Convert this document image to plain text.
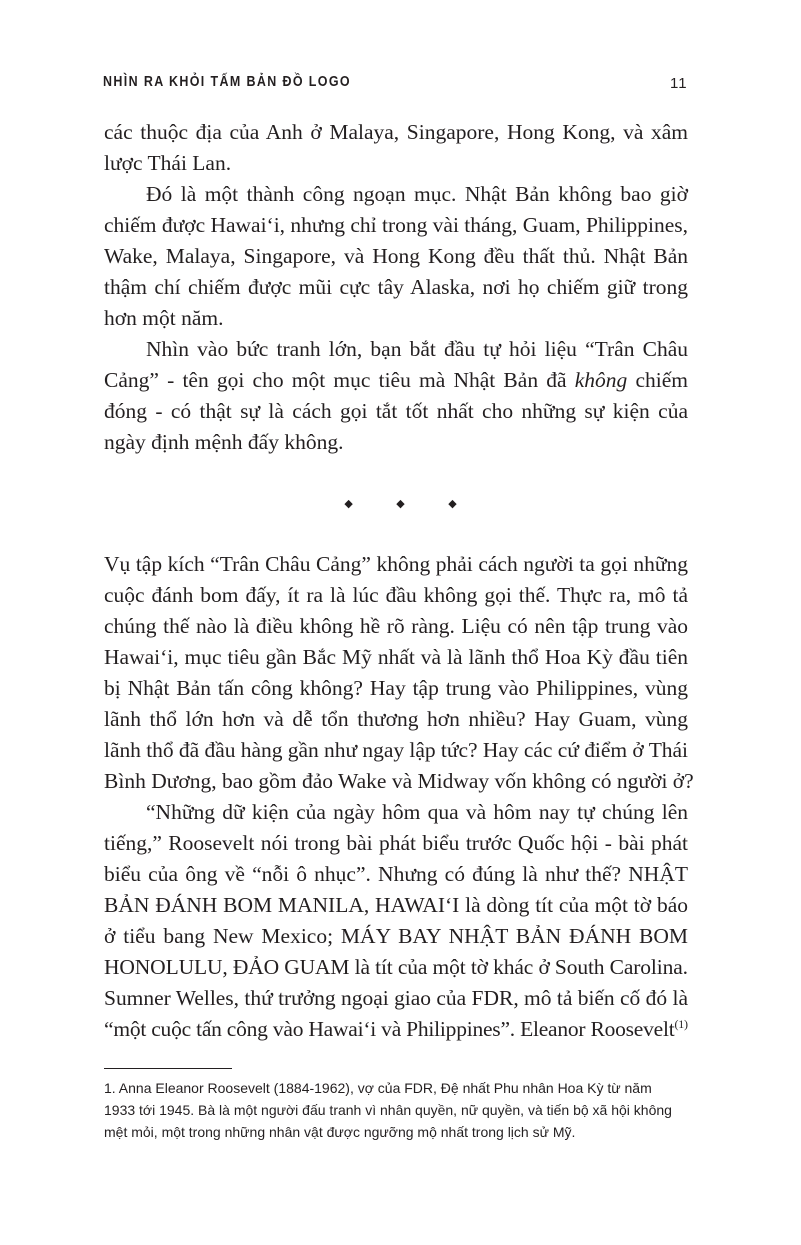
NHÌN RA KHỎI TẤM BẢN ĐỒ LOGO	11

các thuộc địa của Anh ở Malaya, Singapore, Hong Kong, và xâm
lược Thái Lan.

Đó là một thành công ngoạn mục. Nhật Bản không bao giờ
chiếm được Hawai‘i, nhưng chỉ trong vài tháng, Guam, Philippines,
Wake, Malaya, Singapore, và Hong Kong đều thất thủ. Nhật Bản
thậm chí chiếm được mũi cực tây Alaska, nơi họ chiếm giữ trong
hơn một năm.

Nhìn vào bức tranh lớn, bạn bắt đầu tự hỏi liệu “Trân Châu
Cảng” - tên gọi cho một mục tiêu mà Nhật Bản đã không chiếm
đóng - có thật sự là cách gọi tắt tốt nhất cho những sự kiện của
ngày định mệnh đấy không.

◆ ◆ ◆

Vụ tập kích “Trân Châu Cảng” không phải cách người ta gọi những
cuộc đánh bom đấy, ít ra là lúc đầu không gọi thế. Thực ra, mô tả
chúng thế nào là điều không hề rõ ràng. Liệu có nên tập trung vào
Hawai‘i, mục tiêu gần Bắc Mỹ nhất và là lãnh thổ Hoa Kỳ đầu tiên
bị Nhật Bản tấn công không? Hay tập trung vào Philippines, vùng
lãnh thổ lớn hơn và dễ tổn thương hơn nhiều? Hay Guam, vùng
lãnh thổ đã đầu hàng gần như ngay lập tức? Hay các cứ điểm ở Thái
Bình Dương, bao gồm đảo Wake và Midway vốn không có người ở?

“Những dữ kiện của ngày hôm qua và hôm nay tự chúng lên
tiếng,” Roosevelt nói trong bài phát biểu trước Quốc hội - bài phát
biểu của ông về “nỗi ô nhục”. Nhưng có đúng là như thế? NHẬT
BẢN ĐÁNH BOM MANILA, HAWAI‘I là dòng tít của một tờ báo
ở tiểu bang New Mexico; MÁY BAY NHẬT BẢN ĐÁNH BOM
HONOLULU, ĐẢO GUAM là tít của một tờ khác ở South Carolina.
Sumner Welles, thứ trưởng ngoại giao của FDR, mô tả biến cố đó là
“một cuộc tấn công vào Hawai‘i và Philippines”. Eleanor Roosevelt$^{(1)}$

1. Anna Eleanor Roosevelt (1884-1962), vợ của FDR, Đệ nhất Phu nhân Hoa Kỳ từ năm
1933 tới 1945. Bà là một người đấu tranh vì nhân quyền, nữ quyền, và tiến bộ xã hội không
mệt mỏi, một trong những nhân vật được ngưỡng mộ nhất trong lịch sử Mỹ.
